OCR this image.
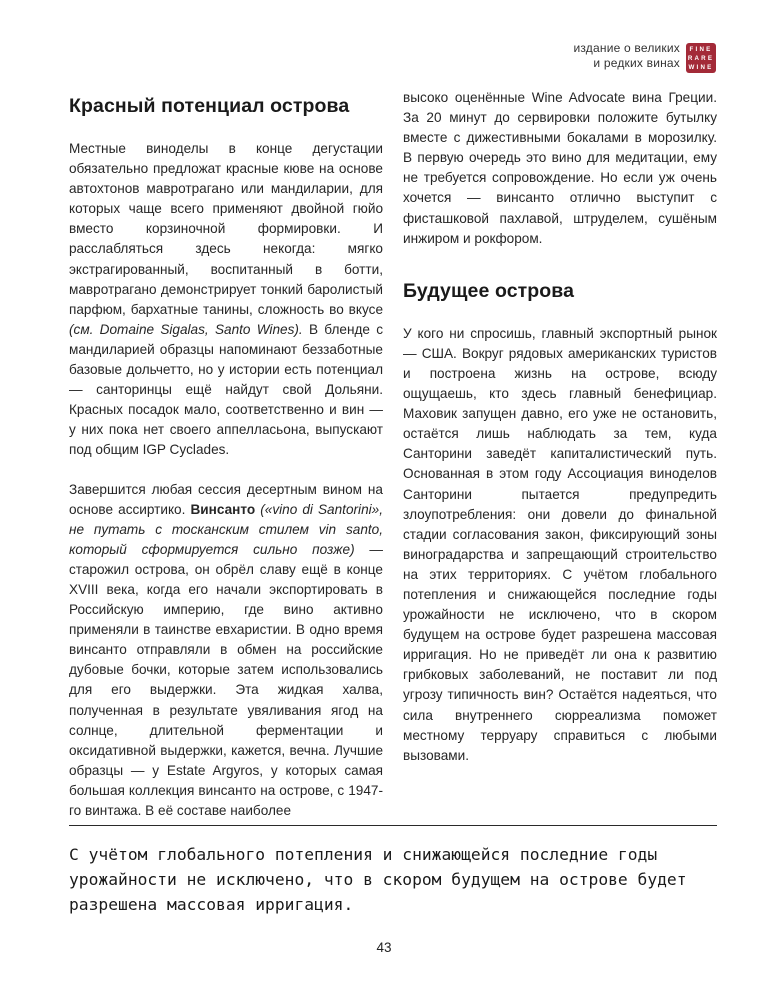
издание о великих
и редких винах
FINE
RARE
WINE
Красный потенциал острова

Местные виноделы в конце дегустации обязательно предложат красные кюве на основе автохтонов мавротрагано или мандиларии, для которых чаще всего применяют двойной гюйо вместо корзиночной формировки. И расслабляться здесь некогда: мягко экстрагированный, воспитанный в ботти, мавротрагано демонстрирует тонкий баролистый парфюм, бархатные танины, сложность во вкусе (см. Domaine Sigalas, Santo Wines). В бленде с мандиларией образцы напоминают беззаботные базовые дольчетто, но у истории есть потенциал — санторинцы ещё найдут свой Дольяни. Красных посадок мало, соответственно и вин — у них пока нет своего аппелласьона, выпускают под общим IGP Cyclades.

Завершится любая сессия десертным вином на основе ассиртико. Винсанто («vino di Santorini», не путать с тосканским стилем vin santo, который сформируется сильно позже) — старожил острова, он обрёл славу ещё в конце XVIII века, когда его начали экспортировать в Российскую империю, где вино активно применяли в таинстве евхаристии. В одно время винсанто отправляли в обмен на российские дубовые бочки, которые затем использовались для его выдержки. Эта жидкая халва, полученная в результате увяливания ягод на солнце, длительной ферментации и оксидативной выдержки, кажется, вечна. Лучшие образцы — у Estate Argyros, у которых самая большая коллекция винсанто на острове, с 1947-го винтажа. В её составе наиболее

высоко оценённые Wine Advocate вина Греции. За 20 минут до сервировки положите бутылку вместе с дижестивными бокалами в морозилку. В первую очередь это вино для медитации, ему не требуется сопровождение. Но если уж очень хочется — винсанто отлично выступит с фисташковой пахлавой, штруделем, сушёным инжиром и рокфором.

Будущее острова

У кого ни спросишь, главный экспортный рынок — США. Вокруг рядовых американских туристов и построена жизнь на острове, всюду ощущаешь, кто здесь главный бенефициар. Маховик запущен давно, его уже не остановить, остаётся лишь наблюдать за тем, куда Санторини заведёт капиталистический путь. Основанная в этом году Ассоциация виноделов Санторини пытается предупредить злоупотребления: они довели до финальной стадии согласования закон, фиксирующий зоны виноградарства и запрещающий строительство на этих территориях. С учётом глобального потепления и снижающейся последние годы урожайности не исключено, что в скором будущем на острове будет разрешена массовая ирригация. Но не приведёт ли она к развитию грибковых заболеваний, не поставит ли под угрозу типичность вин? Остаётся надеяться, что сила внутреннего сюрреализма поможет местному терруару справиться с любыми вызовами.

С учётом глобального потепления и снижающейся последние годы урожайности не исключено, что в скором будущем на острове будет разрешена массовая ирригация.
43
